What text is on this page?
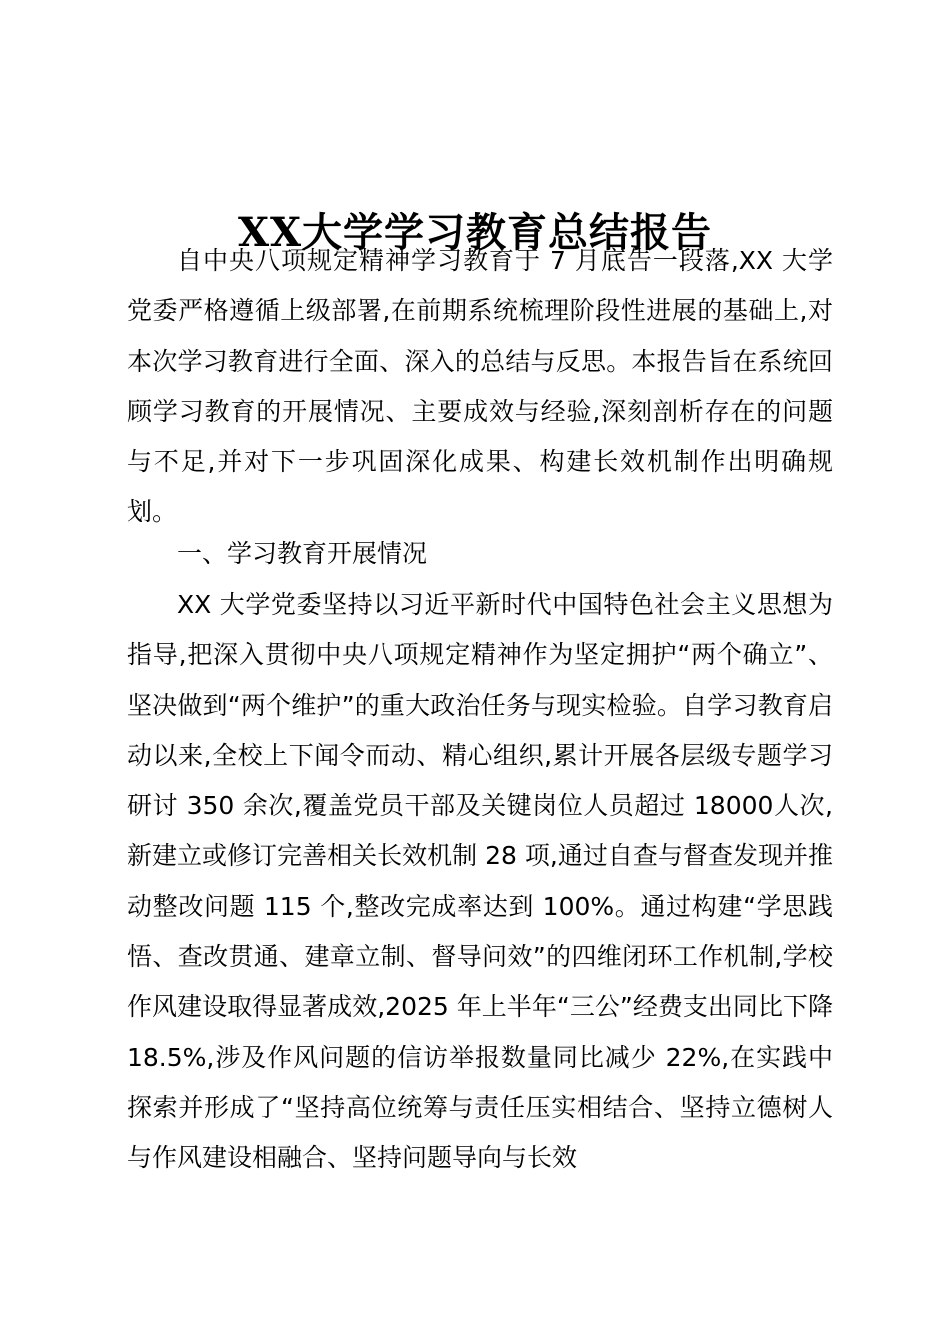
XX大学学习教育总结报告

自中央八项规定精神学习教育于 7 月底告一段落,XX 大学党委严格遵循上级部署,在前期系统梳理阶段性进展的基础上,对本次学习教育进行全面、深入的总结与反思。本报告旨在系统回顾学习教育的开展情况、主要成效与经验,深刻剖析存在的问题与不足,并对下一步巩固深化成果、构建长效机制作出明确规划。

一、学习教育开展情况

XX 大学党委坚持以习近平新时代中国特色社会主义思想为指导,把深入贯彻中央八项规定精神作为坚定拥护“两个确立”、坚决做到“两个维护”的重大政治任务与现实检验。自学习教育启动以来,全校上下闻令而动、精心组织,累计开展各层级专题学习研讨 350 余次,覆盖党员干部及关键岗位人员超过 18000人次,新建立或修订完善相关长效机制 28 项,通过自查与督查发现并推动整改问题 115 个,整改完成率达到 100%。通过构建“学思践悟、查改贯通、建章立制、督导问效”的四维闭环工作机制,学校作风建设取得显著成效,2025 年上半年“三公”经费支出同比下降 18.5%,涉及作风问题的信访举报数量同比减少 22%,在实践中探索并形成了“坚持高位统筹与责任压实相结合、坚持立德树人与作风建设相融合、坚持问题导向与长效
